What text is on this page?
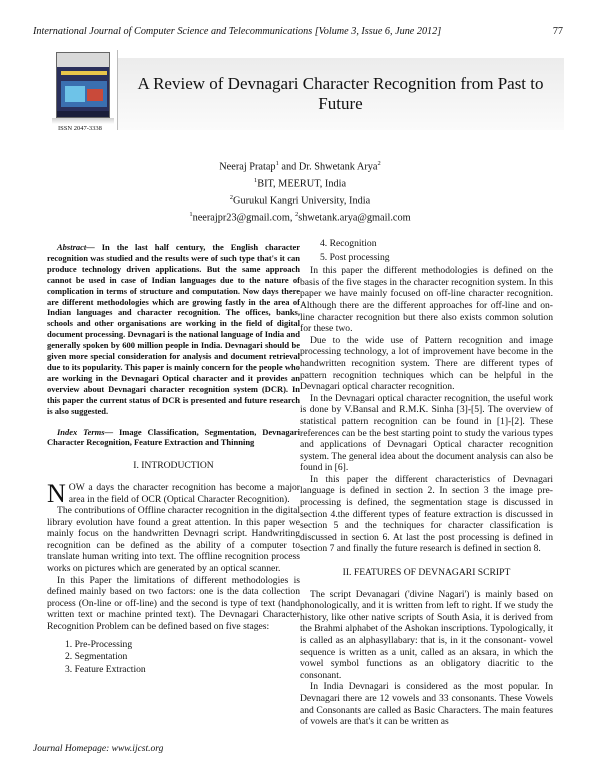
International Journal of Computer Science and Telecommunications [Volume 3, Issue 6, June 2012]	77
ISSN 2047-3338
A Review of Devnagari Character Recognition from Past to Future
Neeraj Pratap$^1$ and Dr. Shwetank Arya$^2$
$^1$BIT, MEERUT, India
$^2$Gurukul Kangri University, India
$^1$neerajpr23@gmail.com, $^2$shwetank.arya@gmail.com

Abstract— In the last half century, the English character recognition was studied and the results were of such type that's it can produce technology driven applications. But the same approach cannot be used in case of Indian languages due to the nature of complication in terms of structure and computation. Now days there are different methodologies which are growing fastly in the area of Indian languages and character recognition. The offices, banks, schools and other organisations are working in the field of digital document processing. Devnagari is the national language of India and generally spoken by 600 million people in India. Devnagari should be given more special consideration for analysis and document retrieval due to its popularity. This paper is mainly concern for the people who are working in the Devnagari Optical character and it provides an overview about Devnagari character recognition system (DCR). In this paper the current status of DCR is presented and future research is also suggested.

Index Terms— Image Classification, Segmentation, Devnagari Character Recognition, Feature Extraction and Thinning

I. INTRODUCTION

NOW a days the character recognition has become a major area in the field of OCR (Optical Character Recognition).

The contributions of Offline character recognition in the digital library evolution have found a great attention. In this paper we mainly focus on the handwritten Devnagri script. Handwriting recognition can be defined as the ability of a computer to translate human writing into text. The offline recognition process works on pictures which are generated by an optical scanner.

In this Paper the limitations of different methodologies is defined mainly based on two factors: one is the data collection process (On-line or off-line) and the second is type of text (hand written text or machine printed text). The Devnagari Character Recognition Problem can be defined based on five stages:

1. Pre-Processing
2. Segmentation
3. Feature Extraction
4. Recognition
5. Post processing

In this paper the different methodologies is defined on the basis of the five stages in the character recognition system. In this paper we have mainly focused on off-line character recognition. Although there are the different approaches for off-line and on-line character recognition but there also exists common solution for these two.

Due to the wide use of Pattern recognition and image processing technology, a lot of improvement have become in the handwritten recognition system. There are different types of pattern recognition techniques which can be helpful in the Devnagari optical character recognition.

In the Devnagari optical character recognition, the useful work is done by V.Bansal and R.M.K. Sinha [3]-[5]. The overview of statistical pattern recognition can be found in [1]-[2]. These references can be the best starting point to study the various types and applications of Devnagari Optical character recognition system. The general idea about the document analysis can also be found in [6].

In this paper the different characteristics of Devnagari language is defined in section 2. In section 3 the image pre-processing is defined, the segmentation stage is discussed in section 4.the different types of feature extraction is discussed in section 5 and the techniques for character classification is discussed in section 6. At last the post processing is defined in section 7 and finally the future research is defined in section 8.

II. FEATURES OF DEVNAGARI SCRIPT

The script Devanagari ('divine Nagari') is mainly based on phonologically, and it is written from left to right. If we study the history, like other native scripts of South Asia, it is derived from the Brahmi alphabet of the Ashokan inscriptions. Typologically, it is called as an alphasyllabary: that is, in it the consonant- vowel sequence is written as a unit, called as an aksara, in which the vowel symbol functions as an obligatory diacritic to the consonant.

In India Devnagari is considered as the most popular. In Devnagari there are 12 vowels and 33 consonants. These Vowels and Consonants are called as Basic Characters. The main features of vowels are that's it can be written as

Journal Homepage: www.ijcst.org
